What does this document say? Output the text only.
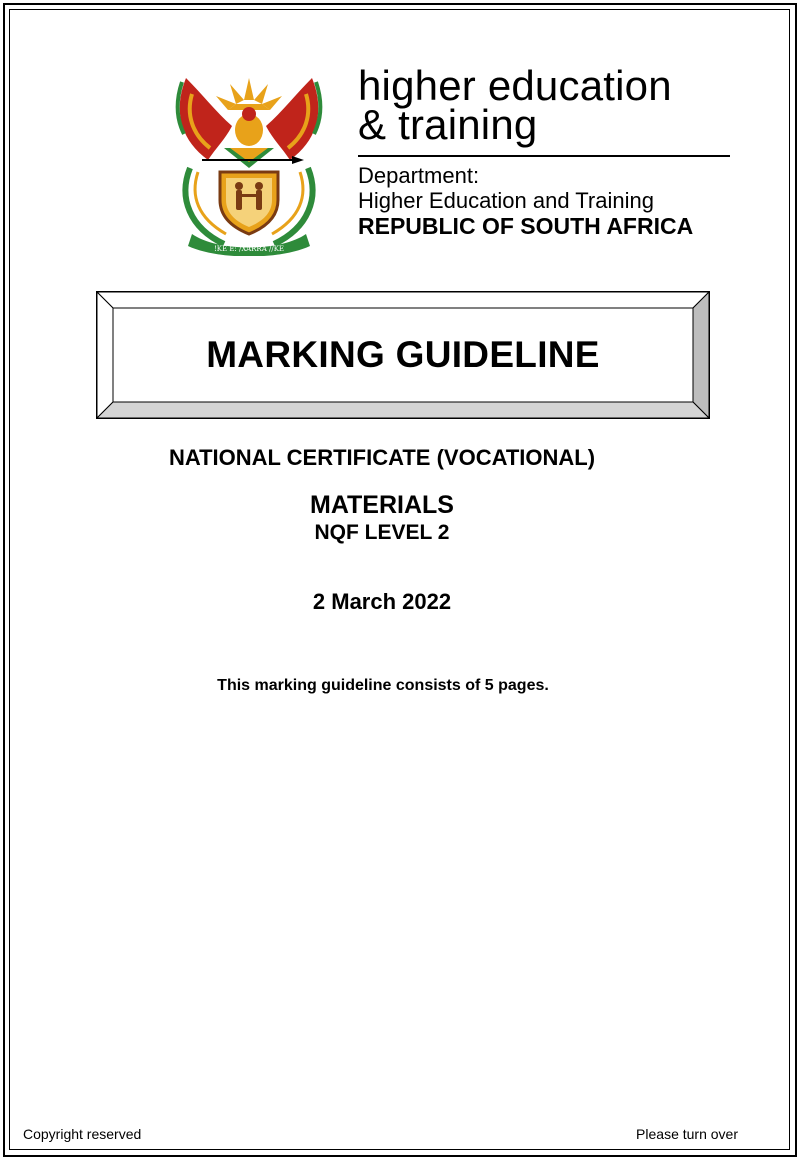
!KE E: /XARRA //KE
higher education
& training
Department:
Higher Education and Training
REPUBLIC OF SOUTH AFRICA
MARKING GUIDELINE
NATIONAL CERTIFICATE (VOCATIONAL)
MATERIALS
NQF LEVEL 2
2 March 2022
This marking guideline consists of 5 pages.
Copyright reserved	Please turn over
